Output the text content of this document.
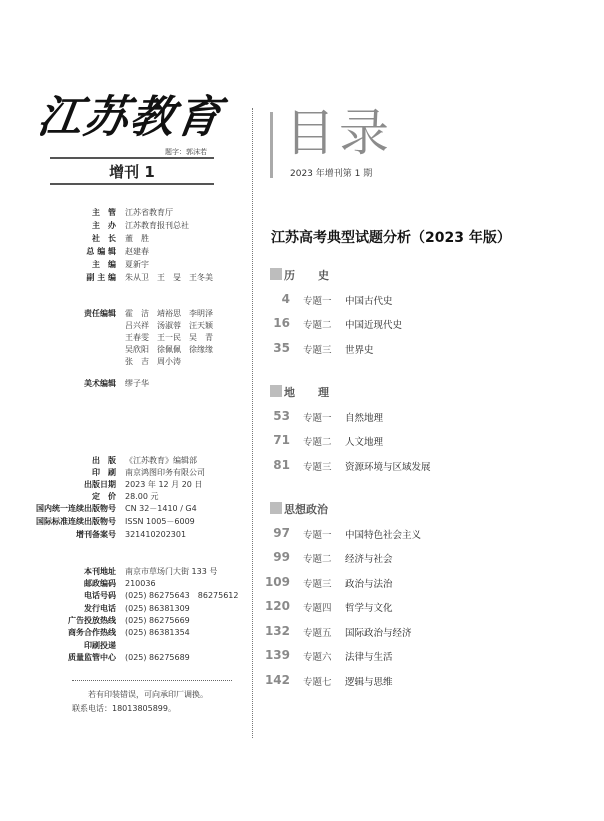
江苏教育
题字：郭沫若
增刊 1
主　管 江苏省教育厅
主　办 江苏教育报刊总社
社　长 董　胜
总 编 辑 赵建春
主　编 夏新宇
副 主 编 朱从卫　王　旻　王冬美
责任编辑 霍　洁　靖裕思　李明泽
吕兴祥　汤淑蓉　汪天颖
王春雯　王一民　吴　青
吴欣阳　徐佩佩　徐缘缘
张　吉　周小涛
美术编辑 缪子华
出　版 《江苏教育》编辑部
印　刷 南京鸿图印务有限公司
出版日期 2023 年 12 月 20 日
定　价 28.00 元
国内统一连续出版物号 CN 32－1410 / G4
国际标准连续出版物号 ISSN 1005－6009
增刊备案号 321410202301
本刊地址 南京市草场门大街 133 号
邮政编码 210036
电话号码 (025) 86275643　86275612
发行电话 (025) 86381309
广告投放热线 (025) 86275669
商务合作热线 (025) 86381354
印刷投递
质量监管中心 (025) 86275689
若有印装错误，可向承印厂调换。
联系电话：18013805899。
目录
2023 年增刊第 1 期
江苏高考典型试题分析（2023 年版）
历　史
4 专题一 中国古代史
16 专题二 中国近现代史
35 专题三 世界史
地　理
53 专题一 自然地理
71 专题二 人文地理
81 专题三 资源环境与区域发展
思想政治
97 专题一 中国特色社会主义
99 专题二 经济与社会
109 专题三 政治与法治
120 专题四 哲学与文化
132 专题五 国际政治与经济
139 专题六 法律与生活
142 专题七 逻辑与思维
